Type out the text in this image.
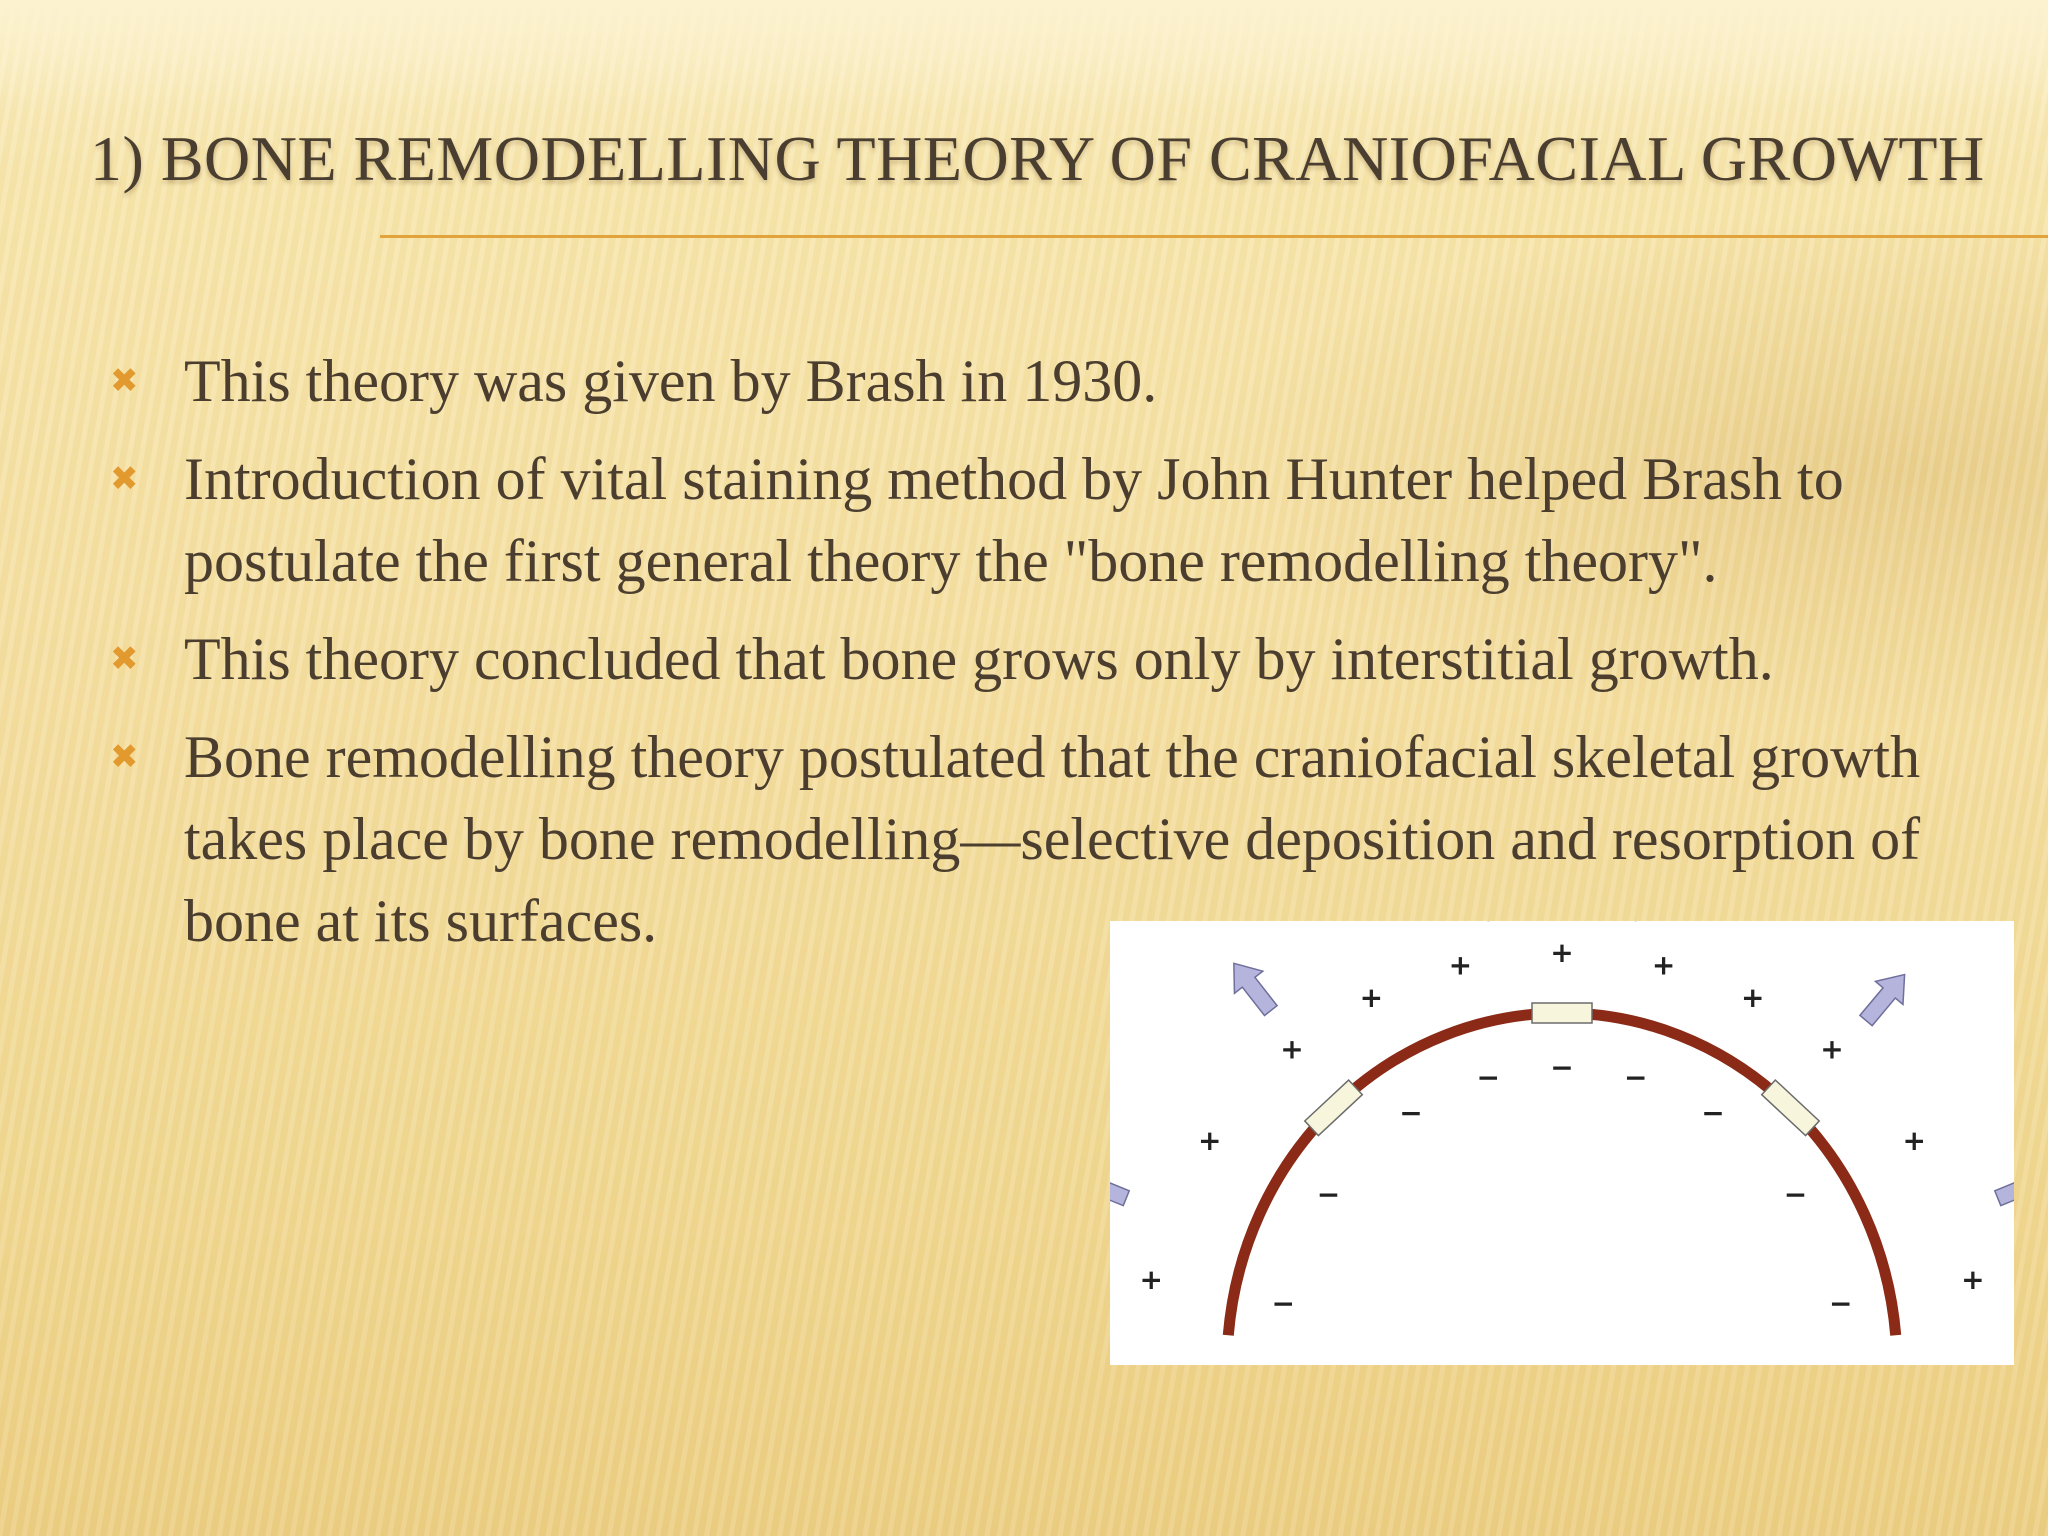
1) BONE REMODELLING THEORY OF CRANIOFACIAL GROWTH
✖ This theory was given by Brash in 1930.
✖ Introduction of vital staining method by John Hunter helped Brash to postulate the first general theory the "bone remodelling theory".
✖ This theory concluded that bone grows only by interstitial growth.
✖ Bone remodelling theory postulated that the craniofacial skeletal growth takes place by bone remodelling—selective deposition and resorption of bone at its surfaces.
+
+
+
+
+	+	+
+
+
+
+
−
−
−
− − −
−
−
−
